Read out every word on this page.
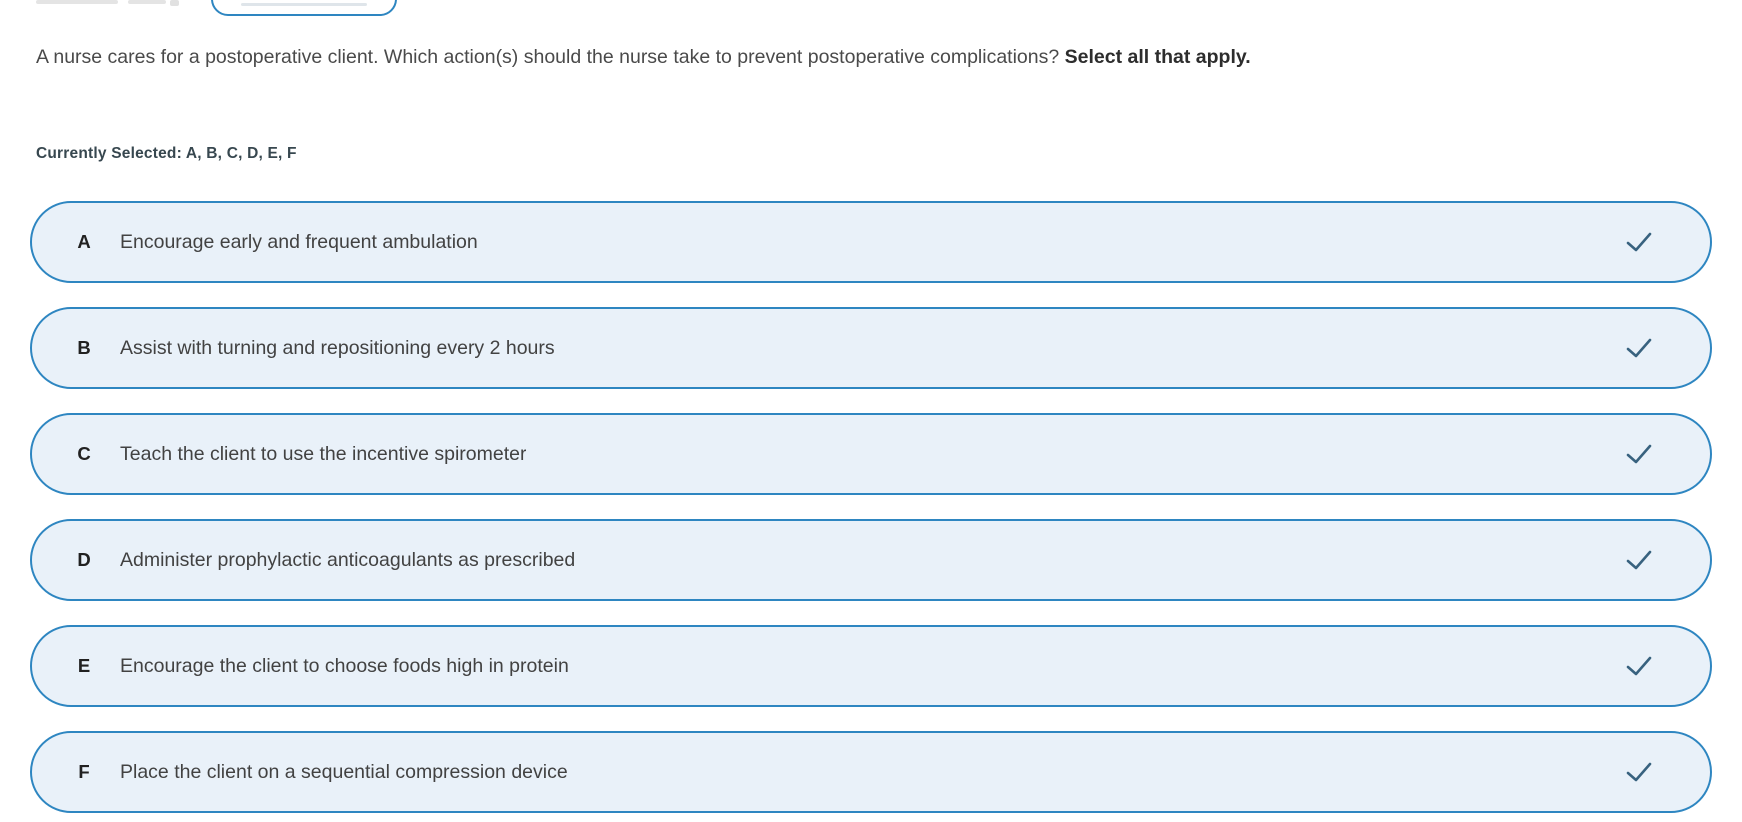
A nurse cares for a postoperative client. Which action(s) should the nurse take to prevent postoperative complications? Select all that apply.

Currently Selected: A, B, C, D, E, F
A Encourage early and frequent ambulation
B Assist with turning and repositioning every 2 hours
C Teach the client to use the incentive spirometer
D Administer prophylactic anticoagulants as prescribed
E Encourage the client to choose foods high in protein
F	Place the client on a sequential compression device
